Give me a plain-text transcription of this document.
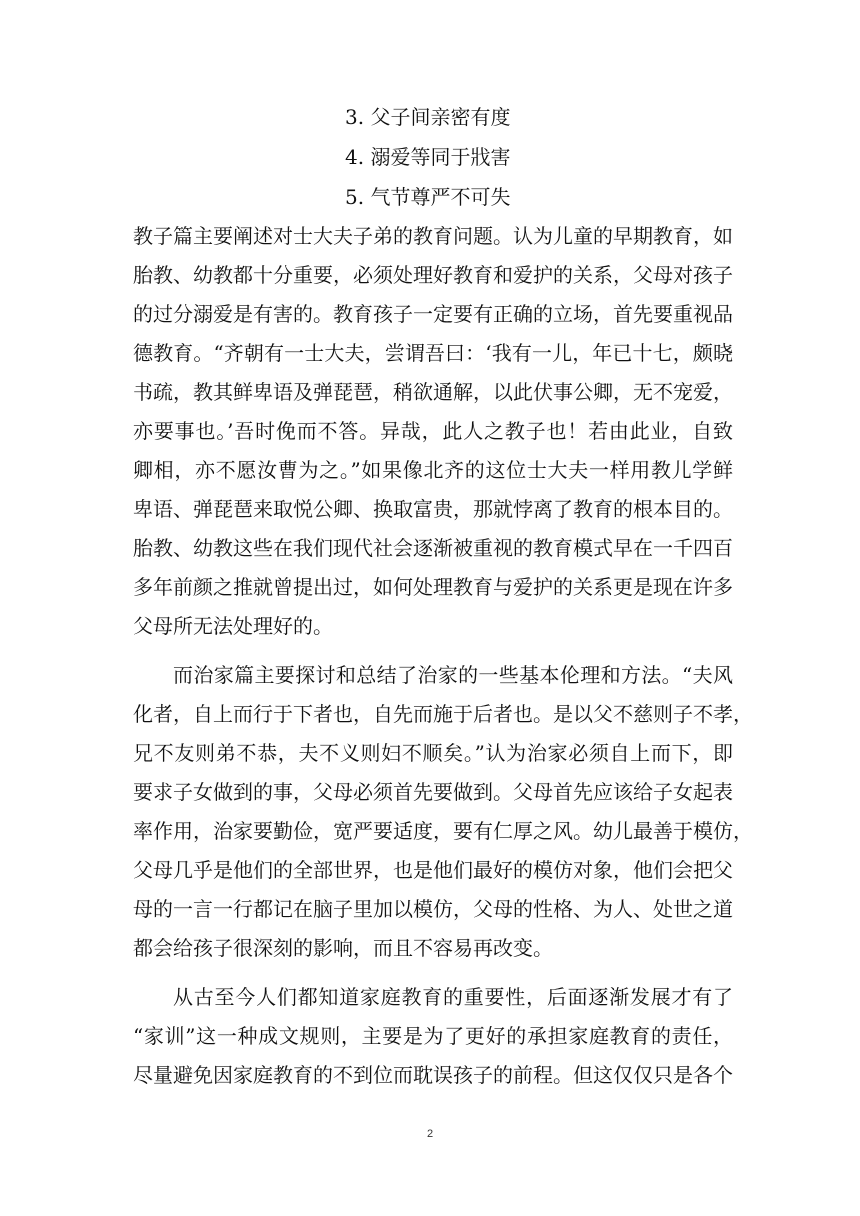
3. 父子间亲密有度
4. 溺爱等同于戕害
5. 气节尊严不可失
教子篇主要阐述对士大夫子弟的教育问题。认为儿童的早期教育，如
胎教、幼教都十分重要，必须处理好教育和爱护的关系，父母对孩子
的过分溺爱是有害的。教育孩子一定要有正确的立场，首先要重视品
德教育。“齐朝有一士大夫，尝谓吾曰：‘我有一儿，年已十七，颇晓
书疏，教其鲜卑语及弹琵琶，稍欲通解，以此伏事公卿，无不宠爱，
亦要事也。’吾时俛而不答。异哉，此人之教子也！若由此业，自致
卿相，亦不愿汝曹为之。”如果像北齐的这位士大夫一样用教儿学鲜
卑语、弹琵琶来取悦公卿、换取富贵，那就悖离了教育的根本目的。
胎教、幼教这些在我们现代社会逐渐被重视的教育模式早在一千四百
多年前颜之推就曾提出过，如何处理教育与爱护的关系更是现在许多
父母所无法处理好的。
而治家篇主要探讨和总结了治家的一些基本伦理和方法。“夫风
化者，自上而行于下者也，自先而施于后者也。是以父不慈则子不孝，
兄不友则弟不恭，夫不义则妇不顺矣。”认为治家必须自上而下，即
要求子女做到的事，父母必须首先要做到。父母首先应该给子女起表
率作用，治家要勤俭，宽严要适度，要有仁厚之风。幼儿最善于模仿，
父母几乎是他们的全部世界，也是他们最好的模仿对象，他们会把父
母的一言一行都记在脑子里加以模仿，父母的性格、为人、处世之道
都会给孩子很深刻的影响，而且不容易再改变。
从古至今人们都知道家庭教育的重要性，后面逐渐发展才有了
“家训”这一种成文规则，主要是为了更好的承担家庭教育的责任，
尽量避免因家庭教育的不到位而耽误孩子的前程。但这仅仅只是各个
2
